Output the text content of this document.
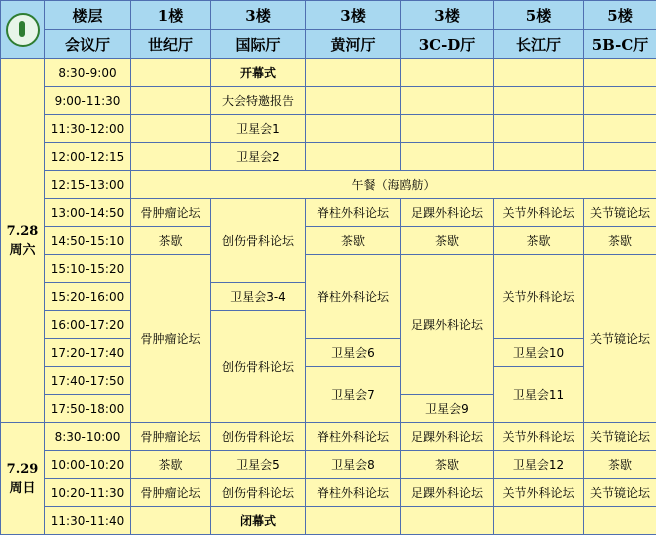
	楼层	1楼	3楼	3楼	3楼	5楼	5楼
	会议厅	世纪厅	国际厅	黄河厅	3C-D厅	长江厅	5B-C厅
7.28
周六	8:30-9:00		开幕式				
	9:00-11:30		大会特邀报告				
	11:30-12:00		卫星会1				
	12:00-12:15		卫星会2				
	12:15-13:00	午餐（海鸥舫）					
	13:00-14:50	骨肿瘤论坛	创伤骨科论坛	脊柱外科论坛	足踝外科论坛	关节外科论坛	关节镜论坛
	14:50-15:10	茶歇		茶歇	茶歇	茶歇	茶歇
	15:10-15:20	骨肿瘤论坛		脊柱外科论坛	足踝外科论坛	关节外科论坛	关节镜论坛
	15:20-16:00		卫星会3-4				
	16:00-17:20		创伤骨科论坛				
	17:20-17:40			卫星会6		卫星会10	
	17:40-17:50			卫星会7		卫星会11	
	17:50-18:00				卫星会9		
7.29
周日	8:30-10:00	骨肿瘤论坛	创伤骨科论坛	脊柱外科论坛	足踝外科论坛	关节外科论坛	关节镜论坛
	10:00-10:20	茶歇	卫星会5	卫星会8	茶歇	卫星会12	茶歇
	10:20-11:30	骨肿瘤论坛	创伤骨科论坛	脊柱外科论坛	足踝外科论坛	关节外科论坛	关节镜论坛
	11:30-11:40		闭幕式				
